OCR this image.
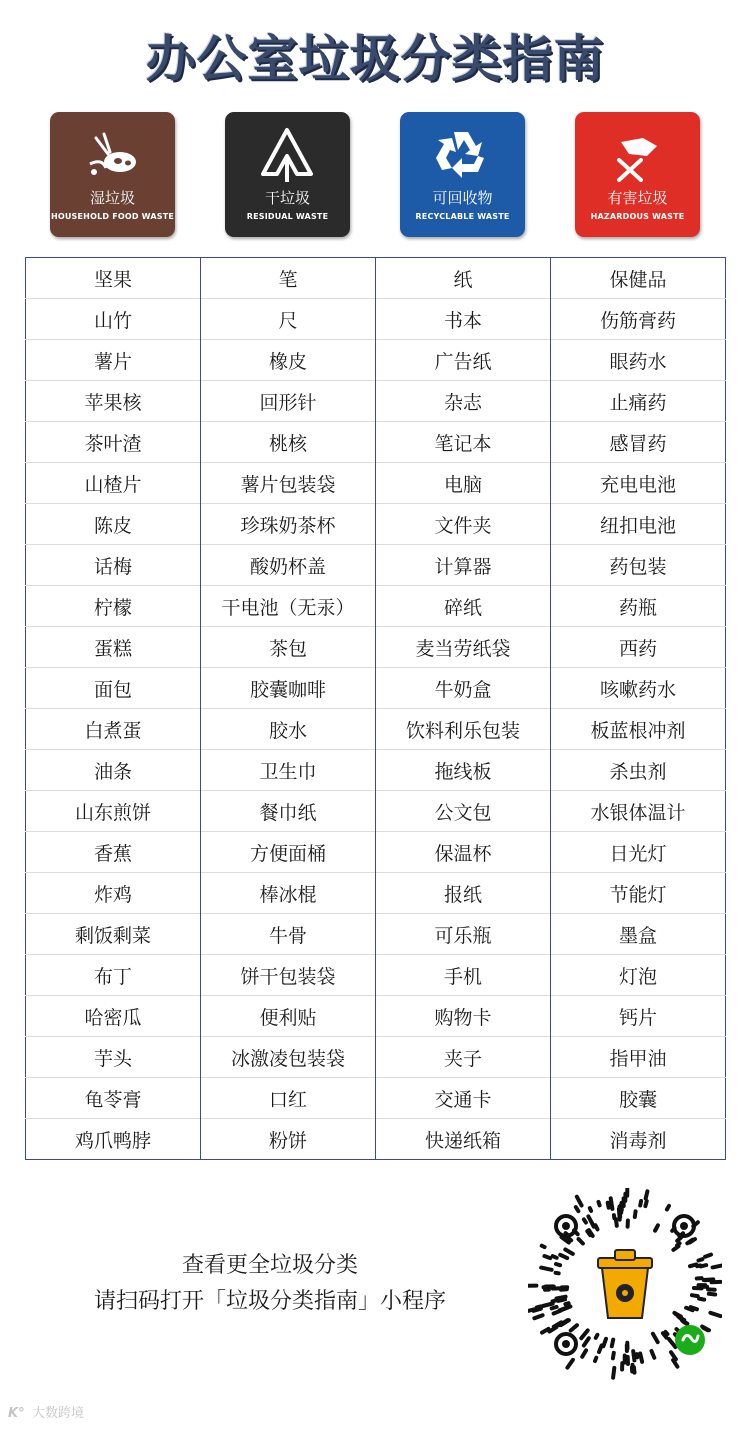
办公室垃圾分类指南
湿垃圾
HOUSEHOLD FOOD WASTE
干垃圾
RESIDUAL WASTE
可回收物
RECYCLABLE WASTE
有害垃圾
HAZARDOUS WASTE
坚果	笔	纸	保健品
山竹	尺	书本	伤筋膏药
薯片	橡皮	广告纸	眼药水
苹果核	回形针	杂志	止痛药
茶叶渣	桃核	笔记本	感冒药
山楂片	薯片包装袋	电脑	充电电池
陈皮	珍珠奶茶杯	文件夹	纽扣电池
话梅	酸奶杯盖	计算器	药包装
柠檬	干电池（无汞）	碎纸	药瓶
蛋糕	茶包	麦当劳纸袋	西药
面包	胶囊咖啡	牛奶盒	咳嗽药水
白煮蛋	胶水	饮料利乐包装	板蓝根冲剂
油条	卫生巾	拖线板	杀虫剂
山东煎饼	餐巾纸	公文包	水银体温计
香蕉	方便面桶	保温杯	日光灯
炸鸡	棒冰棍	报纸	节能灯
剩饭剩菜	牛骨	可乐瓶	墨盒
布丁	饼干包装袋	手机	灯泡
哈密瓜	便利贴	购物卡	钙片
芋头	冰激凌包装袋	夹子	指甲油
龟苓膏	口红	交通卡	胶囊
鸡爪鸭脖	粉饼	快递纸箱	消毒剂
查看更全垃圾分类
请扫码打开「垃圾分类指南」小程序
K° 大数跨境
